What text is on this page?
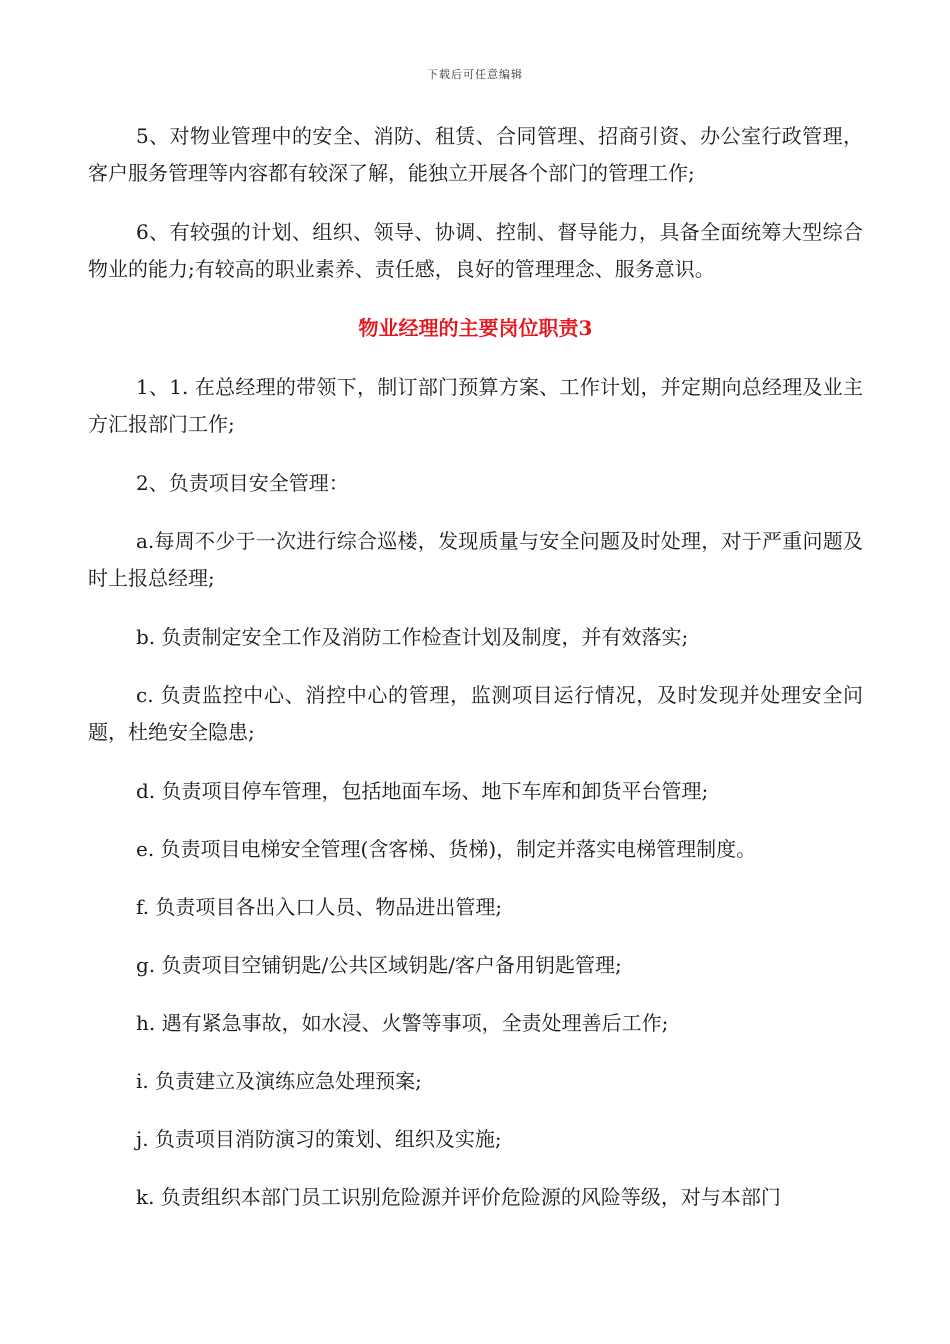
下载后可任意编辑

5、对物业管理中的安全、消防、租赁、合同管理、招商引资、办公室行政管理，客户服务管理等内容都有较深了解，能独立开展各个部门的管理工作;

6、有较强的计划、组织、领导、协调、控制、督导能力，具备全面统筹大型综合物业的能力;有较高的职业素养、责任感，良好的管理理念、服务意识。

物业经理的主要岗位职责3

1、1. 在总经理的带领下，制订部门预算方案、工作计划，并定期向总经理及业主方汇报部门工作;

2、负责项目安全管理：

a.每周不少于一次进行综合巡楼，发现质量与安全问题及时处理，对于严重问题及时上报总经理;

b. 负责制定安全工作及消防工作检查计划及制度，并有效落实;

c. 负责监控中心、消控中心的管理，监测项目运行情况，及时发现并处理安全问题，杜绝安全隐患;

d. 负责项目停车管理，包括地面车场、地下车库和卸货平台管理;

e. 负责项目电梯安全管理(含客梯、货梯)，制定并落实电梯管理制度。

f. 负责项目各出入口人员、物品进出管理;

g. 负责项目空铺钥匙/公共区域钥匙/客户备用钥匙管理;

h. 遇有紧急事故，如水浸、火警等事项，全责处理善后工作;

i. 负责建立及演练应急处理预案;

j. 负责项目消防演习的策划、组织及实施;

k. 负责组织本部门员工识别危险源并评价危险源的风险等级，对与本部门
